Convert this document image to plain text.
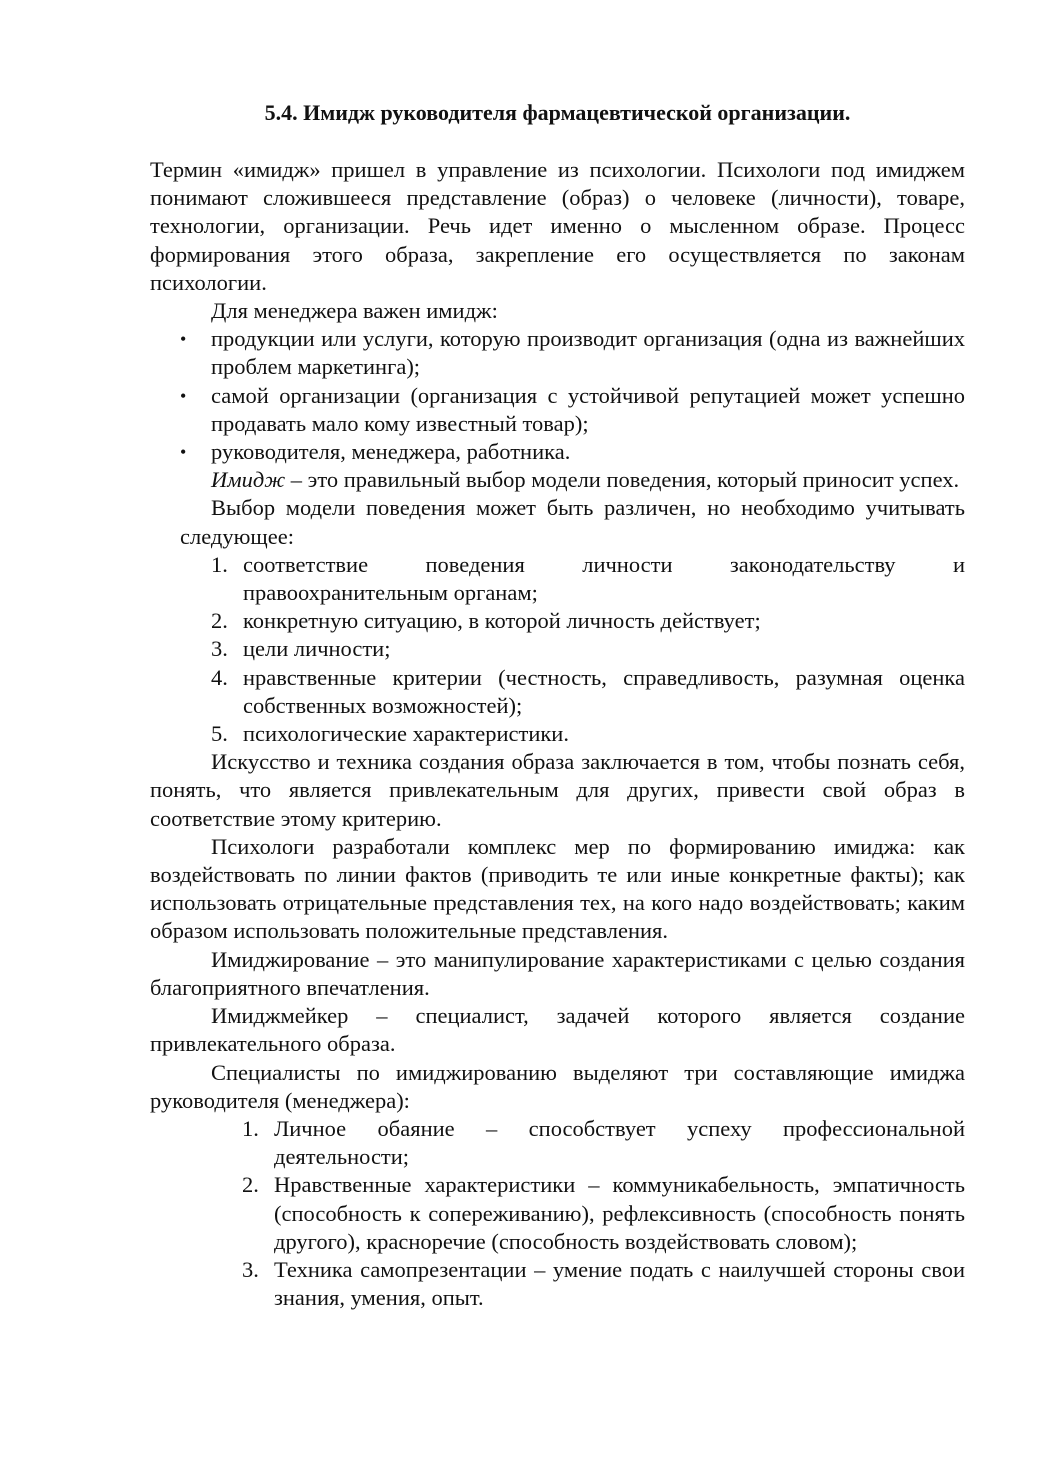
5.4. Имидж руководителя фармацевтической организации.

Термин «имидж» пришел в управление из психологии. Психологи под имиджем понимают сложившееся представление (образ) о человеке (личности), товаре, технологии, организации. Речь идет именно о мысленном образе. Процесс формирования этого образа, закрепление его осуществляется по законам психологии.

Для менеджера важен имидж:

• продукции или услуги, которую производит организация (одна из важнейших проблем маркетинга);
• самой организации (организация с устойчивой репутацией может успешно продавать мало кому известный товар);
• руководителя, менеджера, работника.

Имидж – это правильный выбор модели поведения, который приносит успех.

Выбор модели поведения может быть различен, но необходимо учитывать следующее:

1. соответствие поведения личности законодательству и правоохранительным органам;
2. конкретную ситуацию, в которой личность действует;
3. цели личности;
4. нравственные критерии (честность, справедливость, разумная оценка собственных возможностей);
5. психологические характеристики.

Искусство и техника создания образа заключается в том, чтобы познать себя, понять, что является привлекательным для других, привести свой образ в соответствие этому критерию.

Психологи разработали комплекс мер по формированию имиджа: как воздействовать по линии фактов (приводить те или иные конкретные факты); как использовать отрицательные представления тех, на кого надо воздействовать; каким образом использовать положительные представления.

Имиджирование – это манипулирование характеристиками с целью создания благоприятного впечатления.

Имиджмейкер – специалист, задачей которого является создание привлекательного образа.

Специалисты по имиджированию выделяют три составляющие имиджа руководителя (менеджера):

1. Личное обаяние – способствует успеху профессиональной деятельности;
2. Нравственные характеристики – коммуникабельность, эмпатичность (способность к сопереживанию), рефлексивность (способность понять другого), красноречие (способность воздействовать словом);
3. Техника самопрезентации – умение подать с наилучшей стороны свои знания, умения, опыт.
